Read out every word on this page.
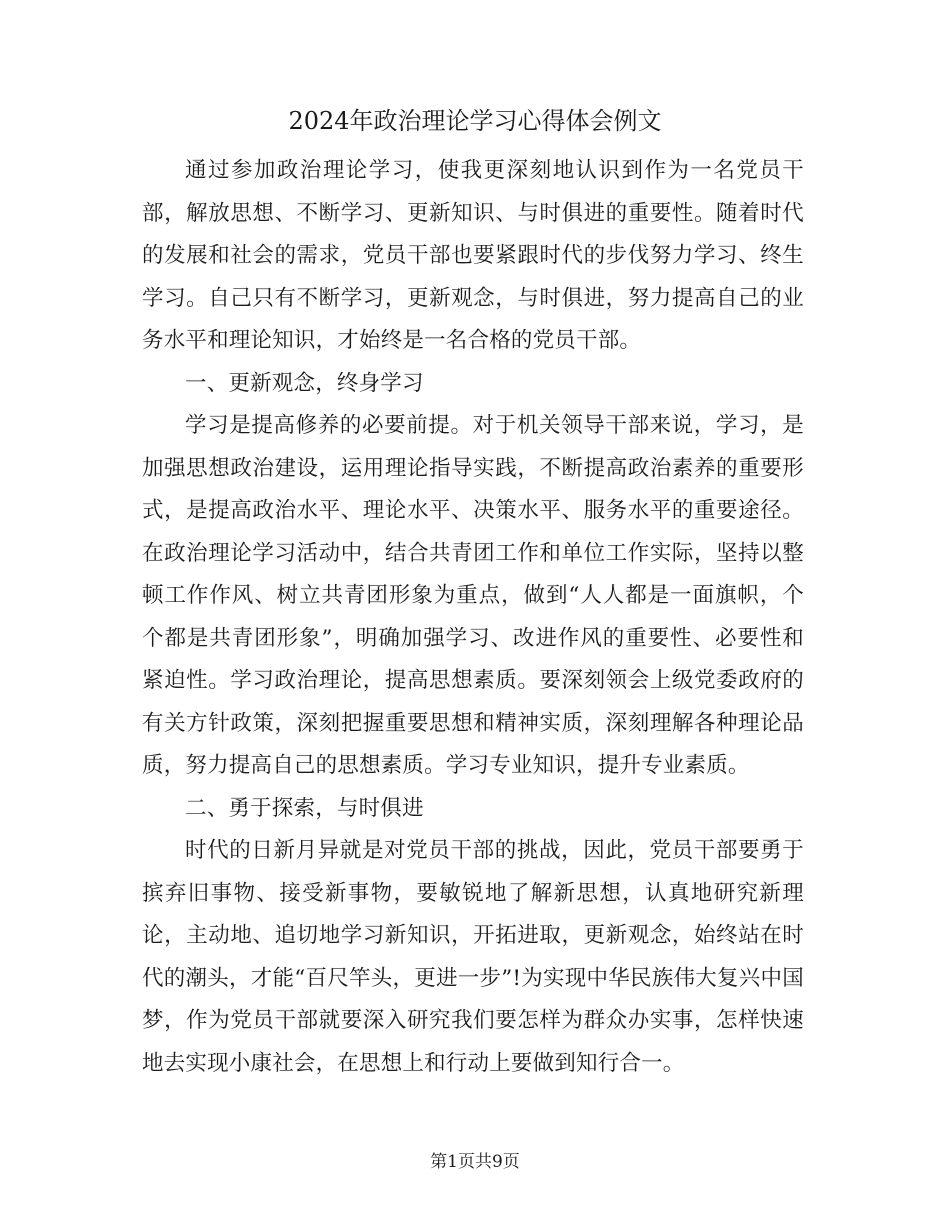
2024年政治理论学习心得体会例文

通过参加政治理论学习，使我更深刻地认识到作为一名党员干部，解放思想、不断学习、更新知识、与时俱进的重要性。随着时代的发展和社会的需求，党员干部也要紧跟时代的步伐努力学习、终生学习。自己只有不断学习，更新观念，与时俱进，努力提高自己的业务水平和理论知识，才始终是一名合格的党员干部。

一、更新观念，终身学习

学习是提高修养的必要前提。对于机关领导干部来说，学习，是加强思想政治建设，运用理论指导实践，不断提高政治素养的重要形式，是提高政治水平、理论水平、决策水平、服务水平的重要途径。在政治理论学习活动中，结合共青团工作和单位工作实际，坚持以整顿工作作风、树立共青团形象为重点，做到“人人都是一面旗帜，个个都是共青团形象”，明确加强学习、改进作风的重要性、必要性和紧迫性。学习政治理论，提高思想素质。要深刻领会上级党委政府的有关方针政策，深刻把握重要思想和精神实质，深刻理解各种理论品质，努力提高自己的思想素质。学习专业知识，提升专业素质。

二、勇于探索，与时俱进

时代的日新月异就是对党员干部的挑战，因此，党员干部要勇于摈弃旧事物、接受新事物，要敏锐地了解新思想，认真地研究新理论，主动地、追切地学习新知识，开拓进取，更新观念，始终站在时代的潮头，才能“百尺竿头，更进一步”!为实现中华民族伟大复兴中国梦，作为党员干部就要深入研究我们要怎样为群众办实事，怎样快速地去实现小康社会，在思想上和行动上要做到知行合一。

第1页共9页
